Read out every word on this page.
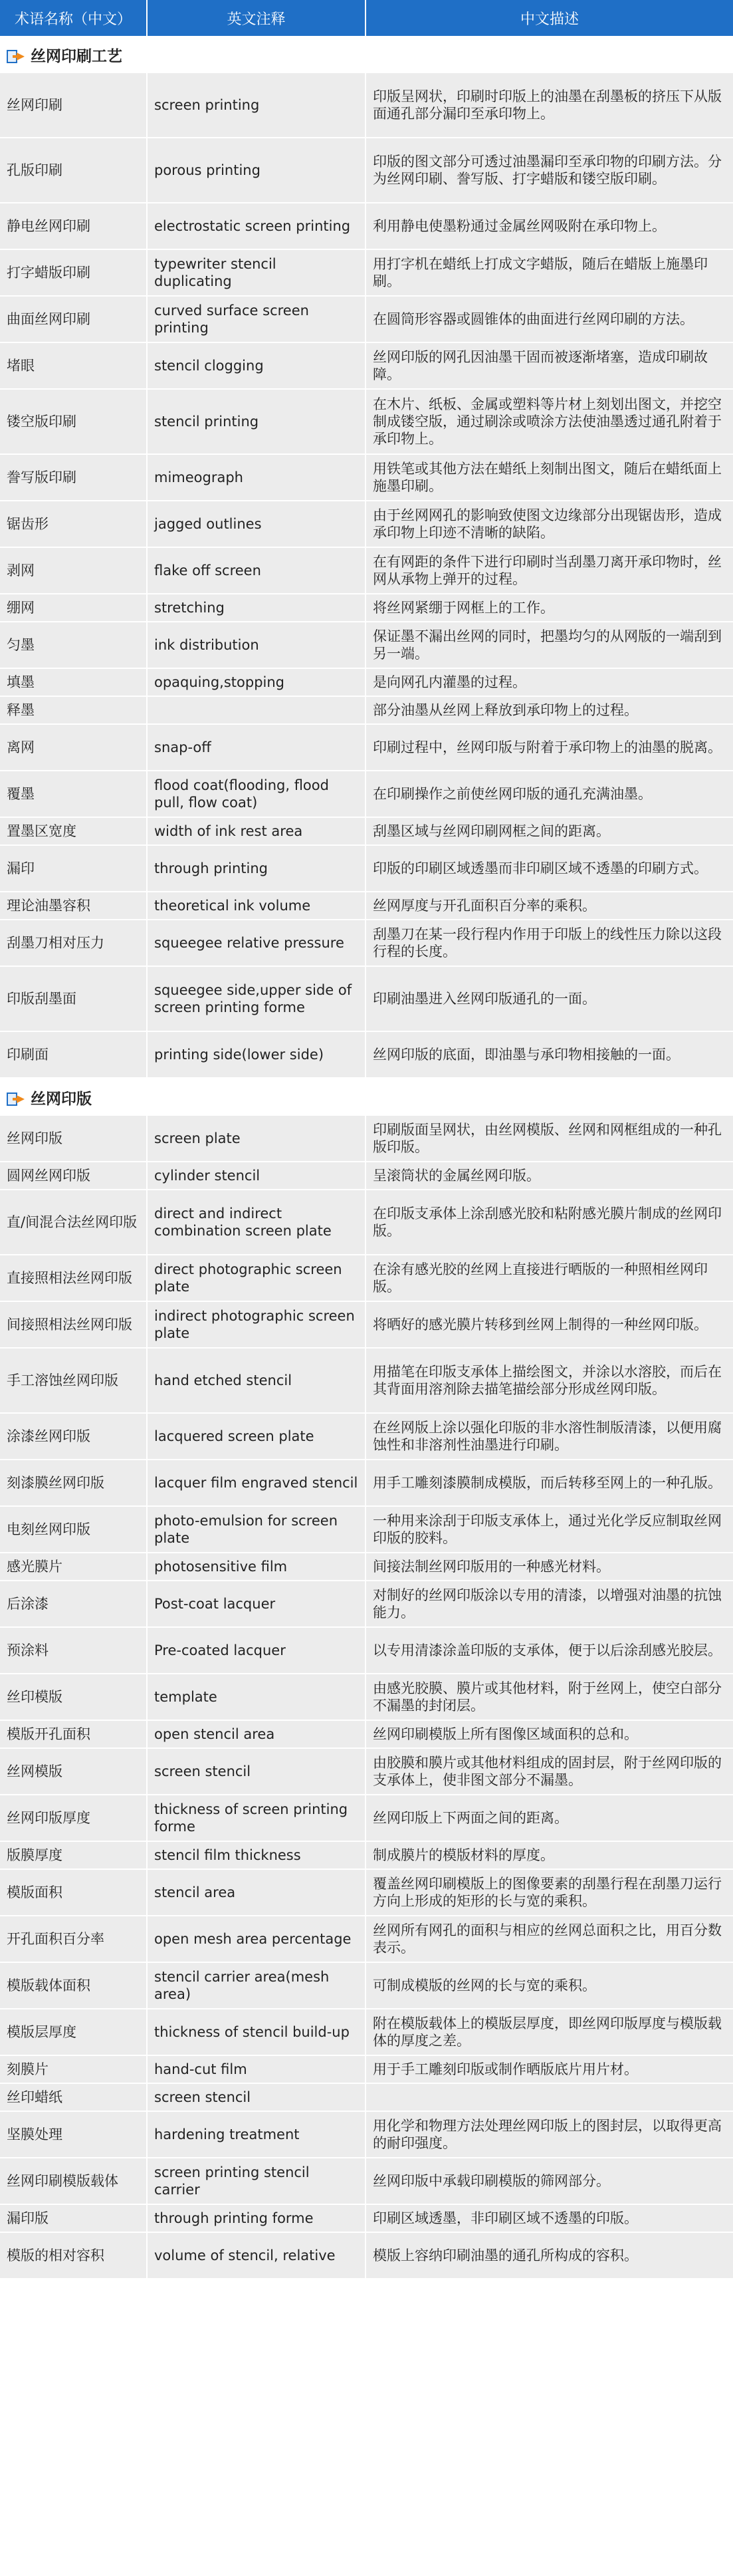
术语名称（中文）	英文注释	中文描述

丝网印刷工艺		
丝网印刷	screen printing	印版呈网状，印刷时印版上的油墨在刮墨板的挤压下从版面通孔部分漏印至承印物上。
孔版印刷	porous printing	印版的图文部分可透过油墨漏印至承印物的印刷方法。分为丝网印刷、誊写版、打字蜡版和镂空版印刷。
静电丝网印刷	electrostatic screen printing	利用静电使墨粉通过金属丝网吸附在承印物上。
打字蜡版印刷	typewriter stencil duplicating	用打字机在蜡纸上打成文字蜡版，随后在蜡版上施墨印刷。
曲面丝网印刷	curved surface screen printing	在圆筒形容器或圆锥体的曲面进行丝网印刷的方法。
堵眼	stencil clogging	丝网印版的网孔因油墨干固而被逐渐堵塞，造成印刷故障。
镂空版印刷	stencil printing	在木片、纸板、金属或塑料等片材上刻划出图文，并挖空制成镂空版，通过刷涂或喷涂方法使油墨透过通孔附着于承印物上。
誊写版印刷	mimeograph	用铁笔或其他方法在蜡纸上刻制出图文，随后在蜡纸面上施墨印刷。
锯齿形	jagged outlines	由于丝网网孔的影响致使图文边缘部分出现锯齿形，造成承印物上印迹不清晰的缺陷。
剥网	flake off screen	在有网距的条件下进行印刷时当刮墨刀离开承印物时，丝网从承物上弹开的过程。
绷网	stretching	将丝网紧绷于网框上的工作。
匀墨	ink distribution	保证墨不漏出丝网的同时，把墨均匀的从网版的一端刮到另一端。
填墨	opaquing,stopping	是向网孔内灌墨的过程。
释墨		部分油墨从丝网上释放到承印物上的过程。
离网	snap-off	印刷过程中，丝网印版与附着于承印物上的油墨的脱离。
覆墨	flood coat(flooding, flood pull, flow coat)	在印刷操作之前使丝网印版的通孔充满油墨。
置墨区宽度	width of ink rest area	刮墨区域与丝网印刷网框之间的距离。
漏印	through printing	印版的印刷区域透墨而非印刷区域不透墨的印刷方式。
理论油墨容积	theoretical ink volume	丝网厚度与开孔面积百分率的乘积。
刮墨刀相对压力	squeegee relative pressure	刮墨刀在某一段行程内作用于印版上的线性压力除以这段行程的长度。
印版刮墨面	squeegee side,upper side of screen printing forme	印刷油墨进入丝网印版通孔的一面。
印刷面	printing side(lower side)	丝网印版的底面，即油墨与承印物相接触的一面。

丝网印版		
丝网印版	screen plate	印刷版面呈网状，由丝网模版、丝网和网框组成的一种孔版印版。
圆网丝网印版	cylinder stencil	呈滚筒状的金属丝网印版。
直/间混合法丝网印版	direct and indirect combination screen plate	在印版支承体上涂刮感光胶和粘附感光膜片制成的丝网印版。
直接照相法丝网印版	direct photographic screen plate	在涂有感光胶的丝网上直接进行晒版的一种照相丝网印版。
间接照相法丝网印版	indirect photographic screen plate	将晒好的感光膜片转移到丝网上制得的一种丝网印版。
手工溶蚀丝网印版	hand etched stencil	用描笔在印版支承体上描绘图文，并涂以水溶胶，而后在其背面用溶剂除去描笔描绘部分形成丝网印版。
涂漆丝网印版	lacquered screen plate	在丝网版上涂以强化印版的非水溶性制版清漆，以便用腐蚀性和非溶剂性油墨进行印刷。
刻漆膜丝网印版	lacquer film engraved stencil	用手工雕刻漆膜制成模版，而后转移至网上的一种孔版。
电刻丝网印版	photo-emulsion for screen plate	一种用来涂刮于印版支承体上，通过光化学反应制取丝网印版的胶料。
感光膜片	photosensitive film	间接法制丝网印版用的一种感光材料。
后涂漆	Post-coat lacquer	对制好的丝网印版涂以专用的清漆，以增强对油墨的抗蚀能力。
预涂料	Pre-coated lacquer	以专用清漆涂盖印版的支承体，便于以后涂刮感光胶层。
丝印模版	template	由感光胶膜、膜片或其他材料，附于丝网上，使空白部分不漏墨的封闭层。
模版开孔面积	open stencil area	丝网印刷模版上所有图像区域面积的总和。
丝网模版	screen stencil	由胶膜和膜片或其他材料组成的固封层，附于丝网印版的支承体上，使非图文部分不漏墨。
丝网印版厚度	thickness of screen printing forme	丝网印版上下两面之间的距离。
版膜厚度	stencil film thickness	制成膜片的模版材料的厚度。
模版面积	stencil area	覆盖丝网印刷模版上的图像要素的刮墨行程在刮墨刀运行方向上形成的矩形的长与宽的乘积。
开孔面积百分率	open mesh area percentage	丝网所有网孔的面积与相应的丝网总面积之比，用百分数表示。
模版载体面积	stencil carrier area(mesh area)	可制成模版的丝网的长与宽的乘积。
模版层厚度	thickness of stencil build-up	附在模版载体上的模版层厚度，即丝网印版厚度与模版载体的厚度之差。
刻膜片	hand-cut film	用于手工雕刻印版或制作晒版底片用片材。
丝印蜡纸	screen stencil	
坚膜处理	hardening treatment	用化学和物理方法处理丝网印版上的图封层，以取得更高的耐印强度。
丝网印刷模版载体	screen printing stencil carrier	丝网印版中承载印刷模版的筛网部分。
漏印版	through printing forme	印刷区域透墨，非印刷区域不透墨的印版。
模版的相对容积	volume of stencil, relative	模版上容纳印刷油墨的通孔所构成的容积。
